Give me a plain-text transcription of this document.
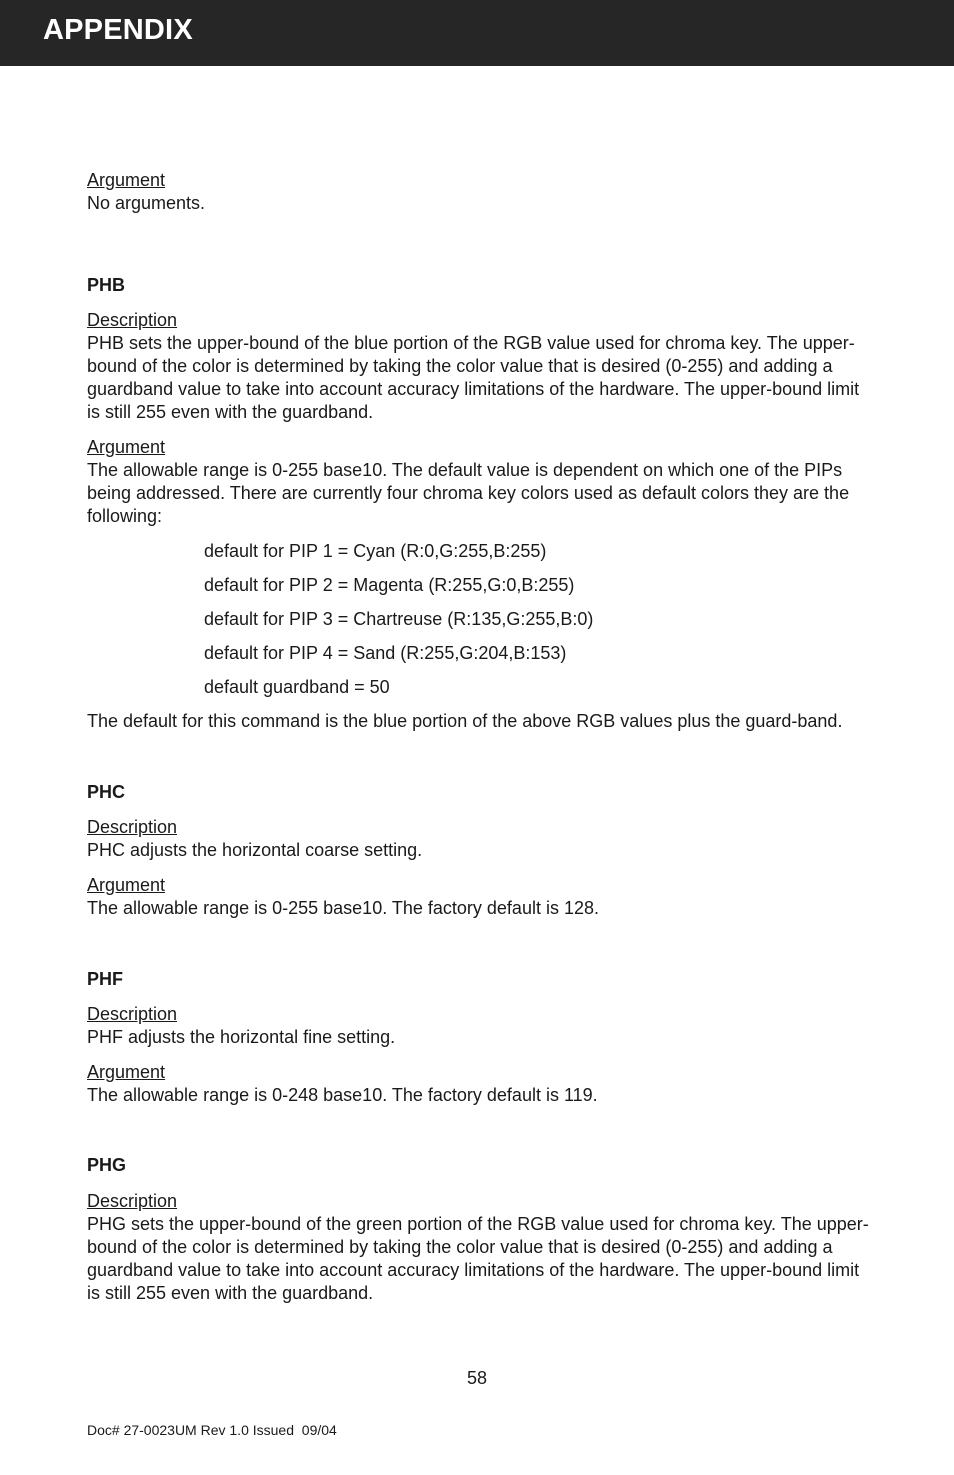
APPENDIX

Argument

No arguments.

PHB

Description

PHB sets the upper-bound of the blue portion of the RGB value used for chroma key. The upper-bound of the color is determined by taking the color value that is desired (0-255) and adding a guardband value to take into account accuracy limitations of the hardware. The upper-bound limit is still 255 even with the guardband.

Argument

The allowable range is 0-255 base10. The default value is dependent on which one of the PIPs being addressed. There are currently four chroma key colors used as default colors they are the following:

default for PIP 1 = Cyan (R:0,G:255,B:255)

default for PIP 2 = Magenta (R:255,G:0,B:255)

default for PIP 3 = Chartreuse (R:135,G:255,B:0)

default for PIP 4 = Sand (R:255,G:204,B:153)

default guardband = 50

The default for this command is the blue portion of the above RGB values plus the guard-band.

PHC

Description

PHC adjusts the horizontal coarse setting.

Argument

The allowable range is 0-255 base10. The factory default is 128.

PHF

Description

PHF adjusts the horizontal fine setting.

Argument

The allowable range is 0-248 base10. The factory default is 119.

PHG

Description

PHG sets the upper-bound of the green portion of the RGB value used for chroma key. The upper-bound of the color is determined by taking the color value that is desired (0-255) and adding a guardband value to take into account accuracy limitations of the hardware. The upper-bound limit is still 255 even with the guardband.

58
Doc# 27-0023UM Rev 1.0 Issued  09/04
